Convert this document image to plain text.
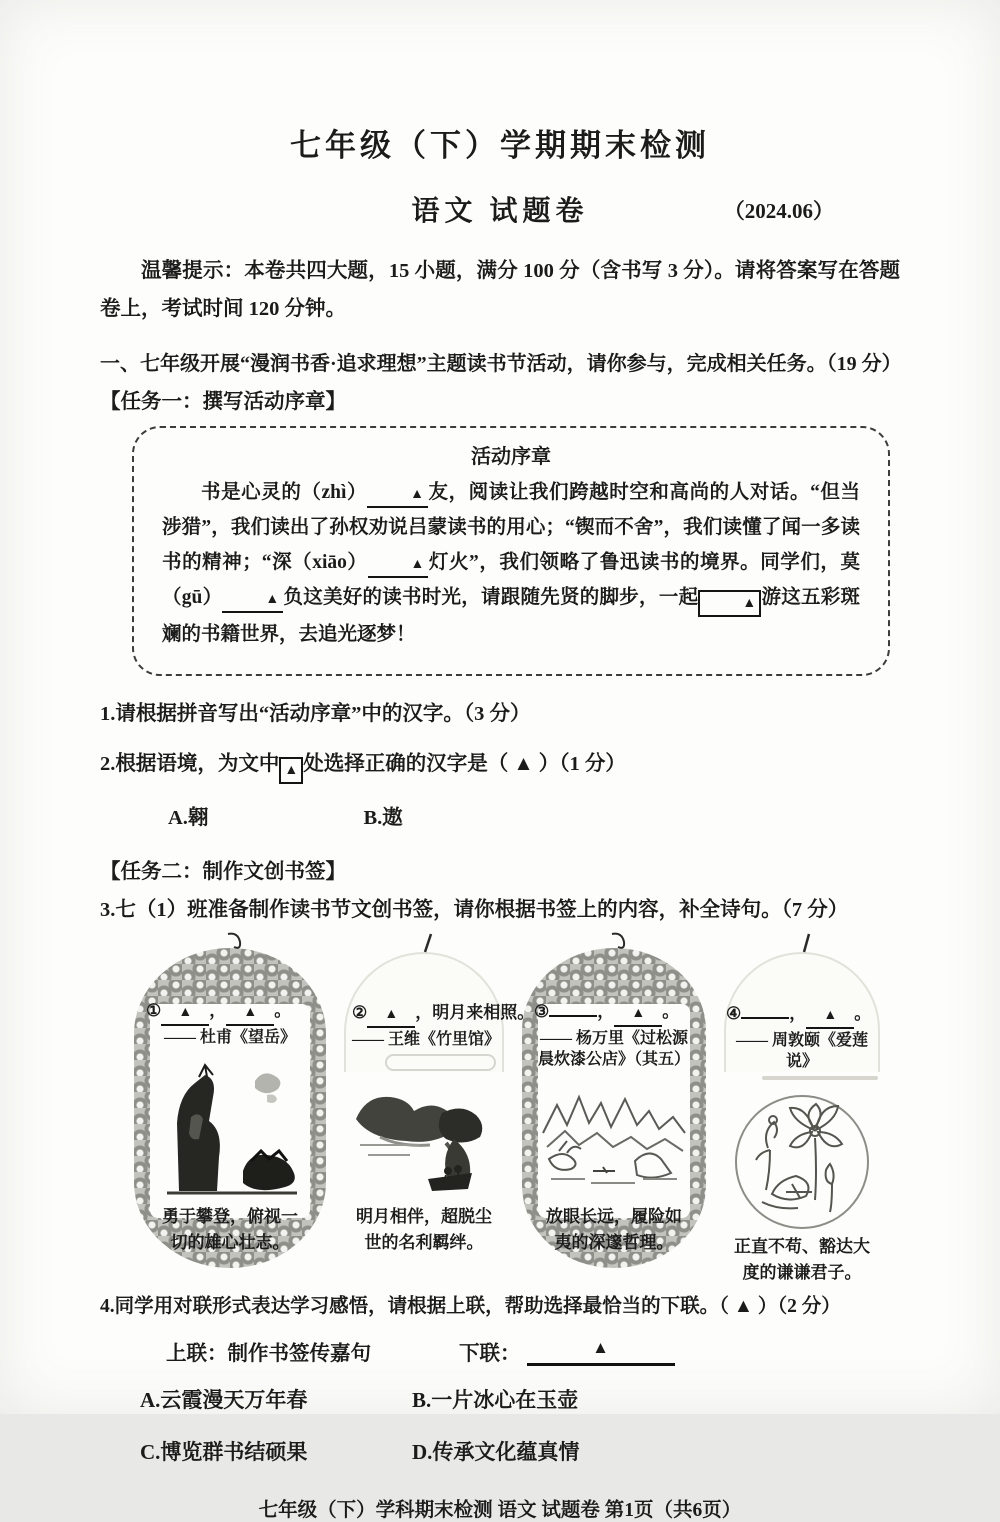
七年级（下）学期期末检测
语文 试题卷	（2024.06）

温馨提示：本卷共四大题，15 小题，满分 100 分（含书写 3 分）。请将答案写在答题卷上，考试时间 120 分钟。

一、七年级开展“漫润书香·追求理想”主题读书节活动，请你参与，完成相关任务。（19 分）
【任务一：撰写活动序章】
活动序章
书是心灵的（zhì）	▲ 友，阅读让我们跨越时空和高尚的人对话。“但当涉猎”，我们读出了孙权劝说吕蒙读书的用心；“锲而不舍”，我们读懂了闻一多读书的精神；“深（xiāo）	▲ 灯火”，我们领略了鲁迅读书的境界。同学们，莫（gū）	▲ 负这美好的读书时光，请跟随先贤的脚步，一起	▲ 游这五彩斑斓的书籍世界，去追光逐梦！
1.请根据拼音写出“活动序章”中的汉字。（3 分）
2.根据语境，为文中 ▲ 处选择正确的汉字是（ ▲ ）（1 分）
A.翱	B.遨
【任务二：制作文创书签】
3.七（1）班准备制作读书节文创书签，请你根据书签上的内容，补全诗句。（7 分）
① ▲ ， ▲ 。
—— 杜甫《望岳》
勇于攀登，俯视一切的雄心壮志。
② ▲ ，明月来相照。
—— 王维《竹里馆》
明月相伴，超脱尘世的名利羁绊。
③	， ▲ 。
—— 杨万里《过松源晨炊漆公店》（其五）
放眼长远，履险如夷的深邃哲理。
④	， ▲ 。
—— 周敦颐《爱莲说》
正直不苟、豁达大度的谦谦君子。
4.同学用对联形式表达学习感悟，请根据上联，帮助选择最恰当的下联。（ ▲ ）（2 分）
上联：制作书签传嘉句	下联：	▲
A.云霞漫天万年春	B.一片冰心在玉壶
C.博览群书结硕果	D.传承文化蕴真情
七年级（下）学科期末检测 语文 试题卷 第1页（共6页）
